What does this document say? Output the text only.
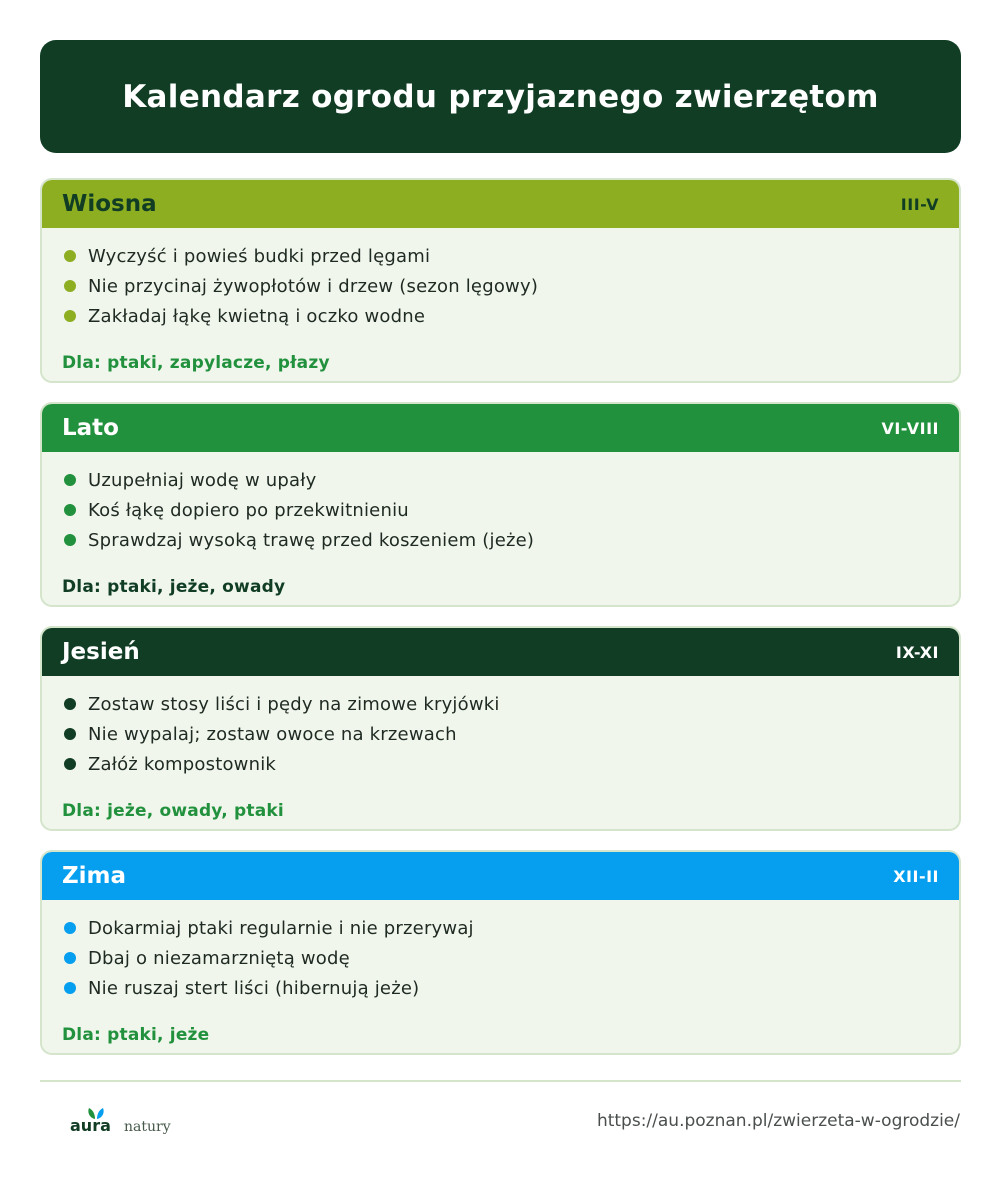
Kalendarz ogrodu przyjaznego zwierzętom
Wiosna	III-V
Wyczyść i powieś budki przed lęgami
Nie przycinaj żywopłotów i drzew (sezon lęgowy)
Zakładaj łąkę kwietną i oczko wodne
Dla: ptaki, zapylacze, płazy
Lato	VI-VIII
Uzupełniaj wodę w upały
Koś łąkę dopiero po przekwitnieniu
Sprawdzaj wysoką trawę przed koszeniem (jeże)
Dla: ptaki, jeże, owady
Jesień	IX-XI
Zostaw stosy liści i pędy na zimowe kryjówki
Nie wypalaj; zostaw owoce na krzewach
Załóż kompostownik
Dla: jeże, owady, ptaki
Zima	XII-II
Dokarmiaj ptaki regularnie i nie przerywaj
Dbaj o niezamarzniętą wodę
Nie ruszaj stert liści (hibernują jeże)
Dla: ptaki, jeże
aura natury	https://au.poznan.pl/zwierzeta-w-ogrodzie/
